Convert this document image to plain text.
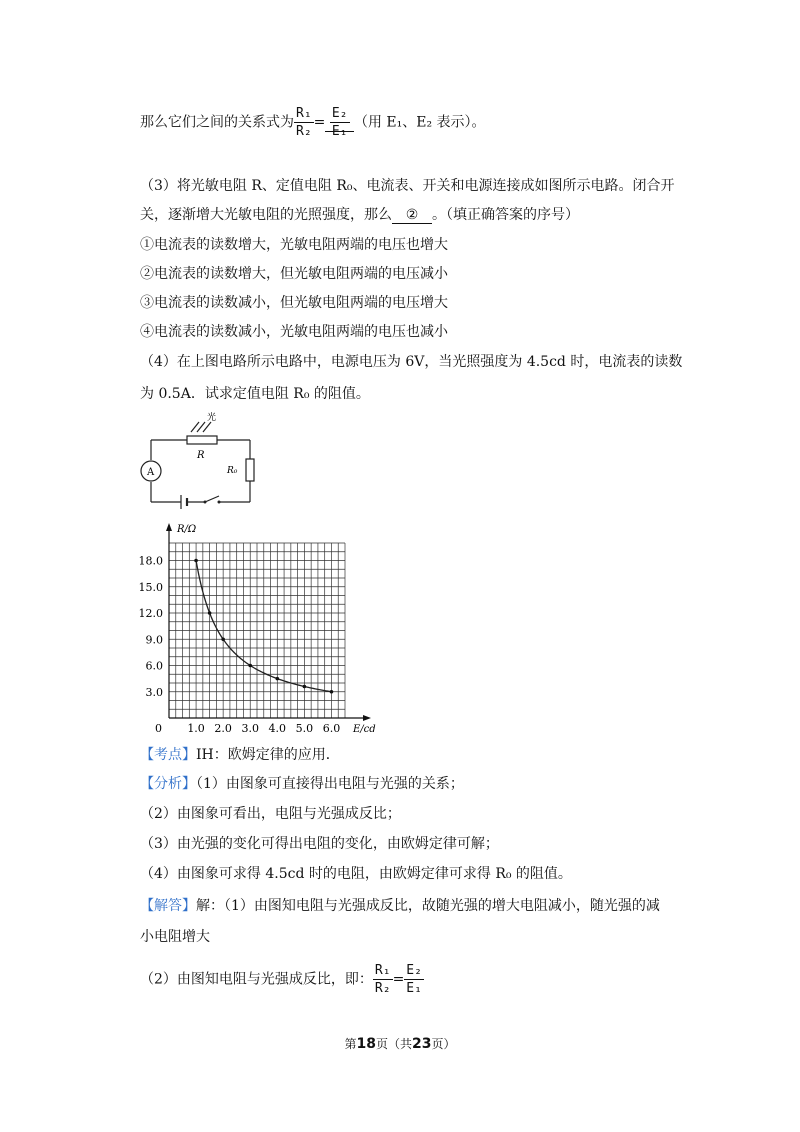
那么它们之间的关系式为 $\frac{\text{R₁}}{\text{R₂}} = \frac{\text{E₂}}{\text{E₁}}$ （用 E₁、E₂ 表示）。
（3）将光敏电阻 R、定值电阻 R₀、电流表、开关和电源连接成如图所示电路。闭合开
关，逐渐增大光敏电阻的光照强度，那么 ② 。（填正确答案的序号）
①电流表的读数增大，光敏电阻两端的电压也增大
②电流表的读数增大，但光敏电阻两端的电压减小
③电流表的读数减小，但光敏电阻两端的电压增大
④电流表的读数减小，光敏电阻两端的电压也减小
（4）在上图电路所示电路中，电源电压为 6V，当光照强度为 4.5cd 时，电流表的读数
为 0.5A．试求定值电阻 R₀ 的阻值。
光
R
R₀
A
1.0 2.0 3.0 4.0 5.0 6.0
3.0
6.0
9.0
12.0
15.0
18.0
R/Ω
E/cd
0
【考点】IH：欧姆定律的应用．
【分析】（1）由图象可直接得出电阻与光强的关系；
（2）由图象可看出，电阻与光强成反比；
（3）由光强的变化可得出电阻的变化，由欧姆定律可解；
（4）由图象可求得 4.5cd 时的电阻，由欧姆定律可求得 R₀ 的阻值。
【解答】解：（1）由图知电阻与光强成反比，故随光强的增大电阻减小，随光强的减
小电阻增大
（2）由图知电阻与光强成反比，即： $\frac{\text{R₁}}{\text{R₂}} = \frac{\text{E₂}}{\text{E₁}}$
第18页（共23页）
